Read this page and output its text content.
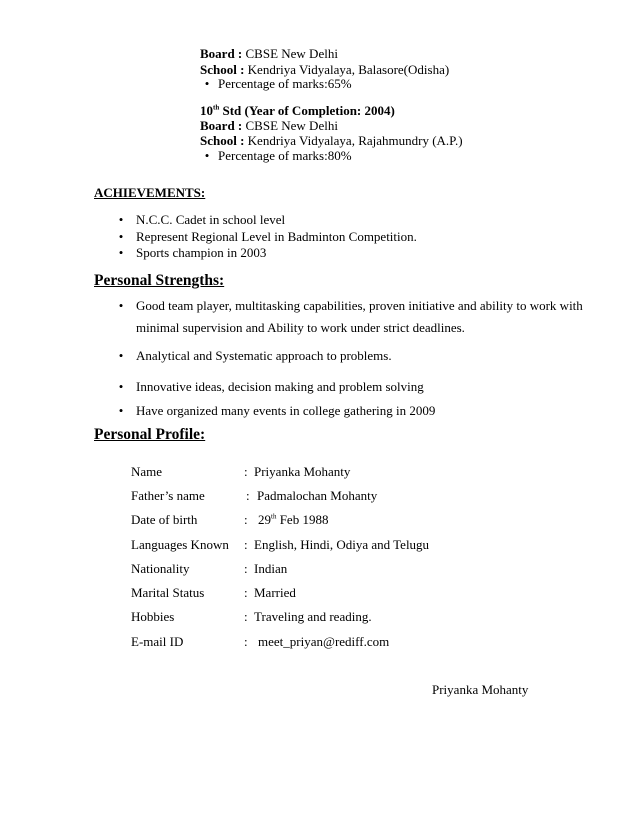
Board : CBSE New Delhi
School : Kendriya Vidyalaya, Balasore(Odisha)
• Percentage of marks:65%
10th Std (Year of Completion: 2004)
Board : CBSE New Delhi
School : Kendriya Vidyalaya, Rajahmundry (A.P.)
• Percentage of marks:80%
ACHIEVEMENTS:
• N.C.C. Cadet in school level
• Represent Regional Level in Badminton Competition.
• Sports champion in 2003
Personal Strengths:
• Good team player, multitasking capabilities, proven initiative and ability to work with
minimal supervision and Ability to work under strict deadlines.
• Analytical and Systematic approach to problems.
• Innovative ideas, decision making and problem solving
• Have organized many events in college gathering in 2009
Personal Profile:
Name	: Priyanka Mohanty
Father’s name	: Padmalochan Mohanty
Date of birth	: 29th Feb 1988
Languages Known : English, Hindi, Odiya and Telugu
Nationality	: Indian
Marital Status	: Married
Hobbies	: Traveling and reading.
E-mail ID	: meet_priyan@rediff.com
Priyanka Mohanty
